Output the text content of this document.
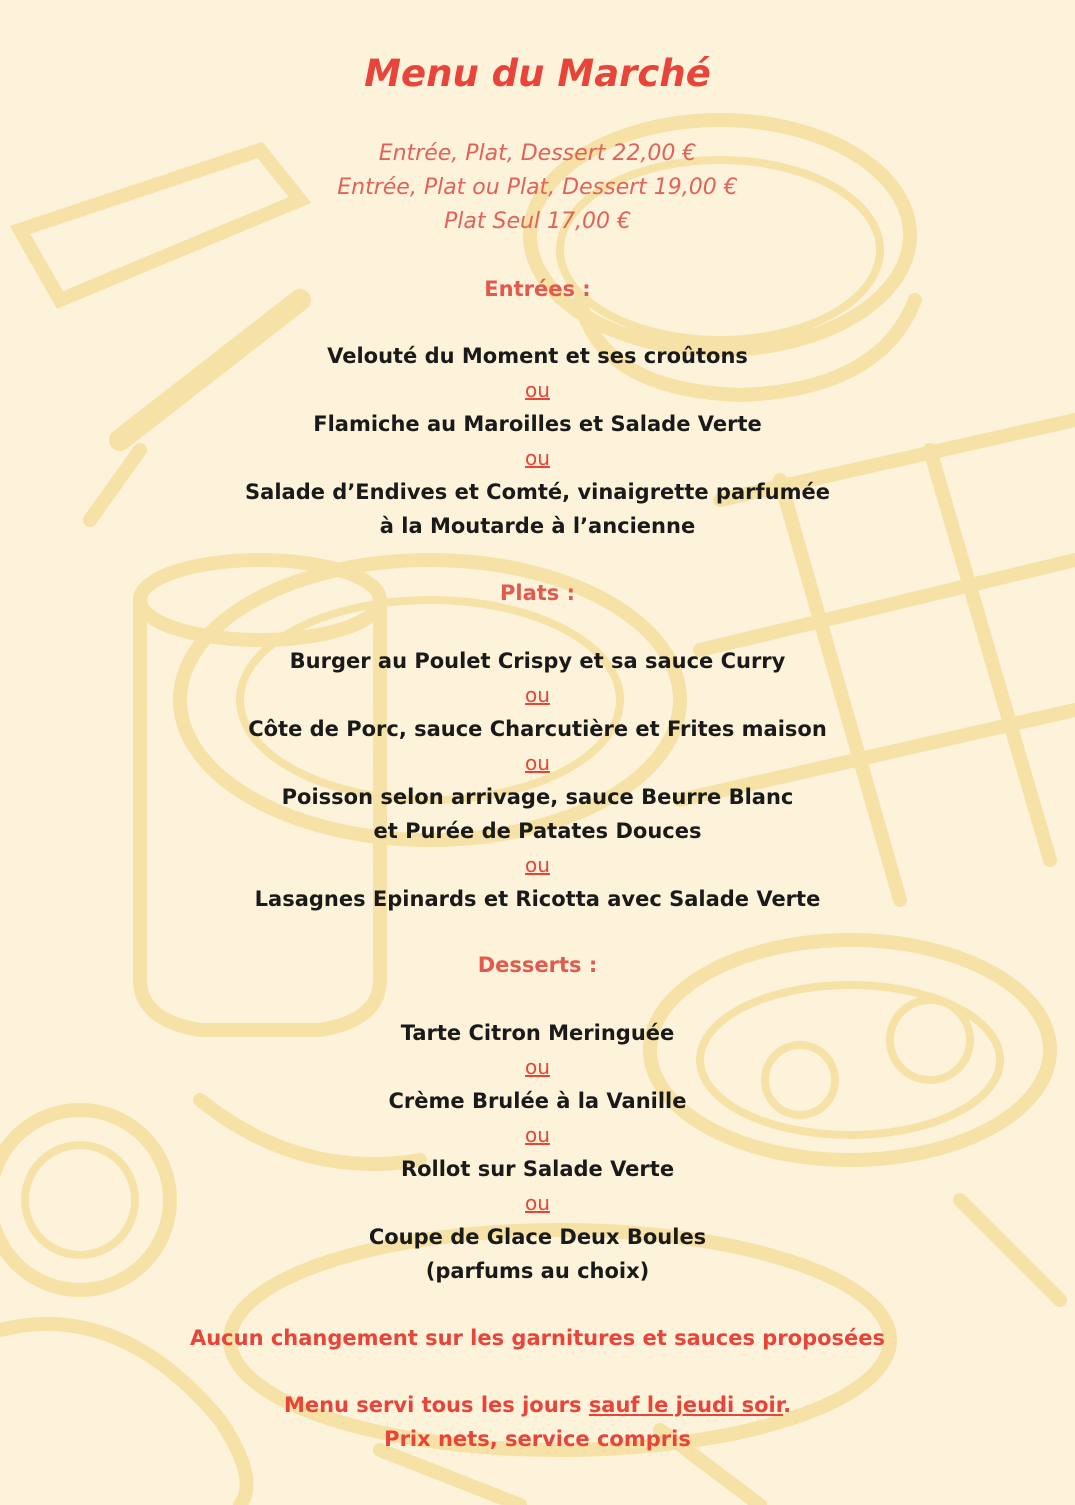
Menu du Marché
Entrée, Plat, Dessert 22,00 €
Entrée, Plat ou Plat, Dessert 19,00 €
Plat Seul 17,00 €
Entrées :
Velouté du Moment et ses croûtons
ou
Flamiche au Maroilles et Salade Verte
ou
Salade d’Endives et Comté, vinaigrette parfumée
à la Moutarde à l’ancienne
Plats :
Burger au Poulet Crispy et sa sauce Curry
ou
Côte de Porc, sauce Charcutière et Frites maison
ou
Poisson selon arrivage, sauce Beurre Blanc
et Purée de Patates Douces
ou
Lasagnes Epinards et Ricotta avec Salade Verte
Desserts :
Tarte Citron Meringuée
ou
Crème Brulée à la Vanille
ou
Rollot sur Salade Verte
ou
Coupe de Glace Deux Boules
(parfums au choix)
Aucun changement sur les garnitures et sauces proposées
Menu servi tous les jours sauf le jeudi soir.
Prix nets, service compris
